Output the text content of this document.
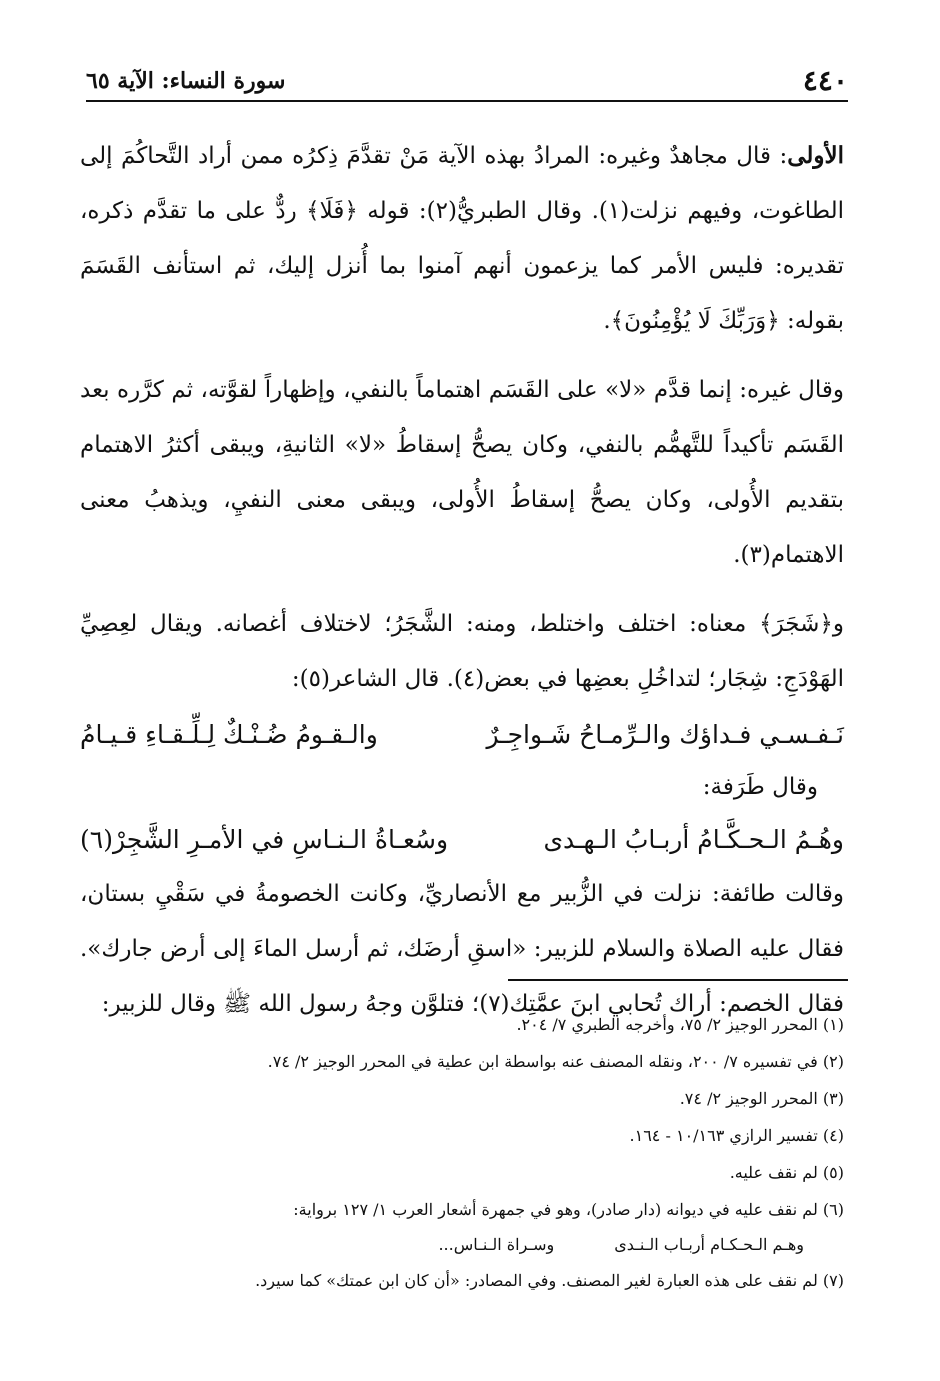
٤٤٠
سورة النساء: الآية ٦٥

الأولى: قال مجاهدٌ وغيره: المرادُ بهذه الآية مَنْ تقدَّمَ ذِكرُه ممن أراد التَّحاكُمَ إلى الطاغوت، وفيهم نزلت(١). وقال الطبريُّ(٢): قوله ﴿فَلَا﴾ ردٌّ على ما تقدَّم ذكره، تقديره: فليس الأمر كما يزعمون أنهم آمنوا بما أُنزل إليك، ثم استأنف القَسَمَ بقوله: ﴿وَرَبِّكَ لَا يُؤْمِنُونَ﴾.

وقال غيره: إنما قدَّم «لا» على القَسَم اهتماماً بالنفي، وإظهاراً لقوَّته، ثم كرَّره بعد القَسَم تأكيداً للتَّهمُّم بالنفي، وكان يصحُّ إسقاطُ «لا» الثانيةِ، ويبقى أكثرُ الاهتمام بتقديم الأُولى، وكان يصحُّ إسقاطُ الأُولى، ويبقى معنى النفيِ، ويذهبُ معنى الاهتمام(٣).

و﴿شَجَرَ﴾ معناه: اختلف واختلط، ومنه: الشَّجَرُ؛ لاختلاف أغصانه. ويقال لعِصِيِّ الهَوْدَجِ: شِجَار؛ لتداخُلِ بعضِها في بعض(٤). قال الشاعر(٥):

نَـفـسـي فـداؤك والـرِّمـاحُ شَـواجِـرٌ
والـقـومُ ضُـنْـكٌ لِـلِّـقـاءِ قـيـامُ
وقال طَرَفة:
وهُـمُ الـحـكَّـامُ أربـابُ الـهـدى
وسُعـاةُ الـنـاسِ في الأمـرِ الشَّجِرْ(٦)

وقالت طائفة: نزلت في الزُّبير مع الأنصاريِّ، وكانت الخصومةُ في سَقْيِ بستان، فقال عليه الصلاة والسلام للزبير: «اسقِ أرضَك، ثم أرسل الماءَ إلى أرض جارك». فقال الخصم: أراك تُحابي ابنَ عمَّتِك(٧)؛ فتلوَّن وجهُ رسول الله ﷺ وقال للزبير:

(١) المحرر الوجيز ٢/ ٧٥، وأخرجه الطبري ٧/ ٢٠٤.
(٢) في تفسيره ٧/ ٢٠٠، ونقله المصنف عنه بواسطة ابن عطية في المحرر الوجيز ٢/ ٧٤.
(٣) المحرر الوجيز ٢/ ٧٤.
(٤) تفسير الرازي ١٠/١٦٣ - ١٦٤.
(٥) لم نقف عليه.
(٦) لم نقف عليه في ديوانه (دار صادر)، وهو في جمهرة أشعار العرب ١/ ١٢٧ برواية:
وهـم الـحـكـام أربـاب الـنـدى
وسـراة الـنـاس...
(٧) لم نقف على هذه العبارة لغير المصنف. وفي المصادر: «أن كان ابن عمتك» كما سيرد.
